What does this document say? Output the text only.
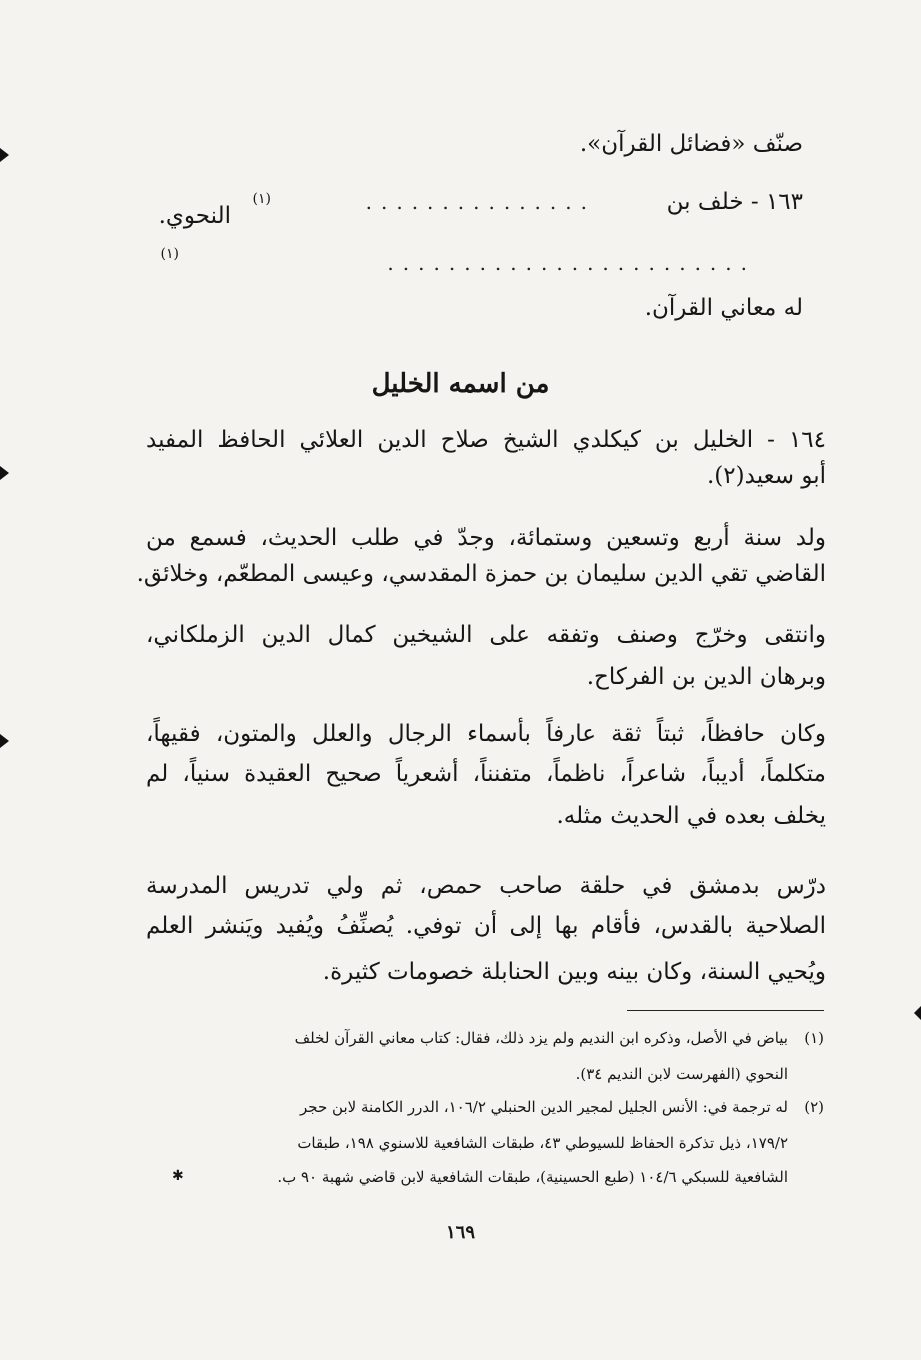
صنّف «فضائل القرآن».
١٦٣ - خلف بن
...............
(١)
النحوي.
........................
(١)
له معاني القرآن.
من اسمه الخليل
١٦٤ - الخليل بن كيكلدي الشيخ صلاح الدين العلائي الحافظ المفيد
أبو سعيد(٢).
ولد سنة أربع وتسعين وستمائة، وجدّ في طلب الحديث، فسمع من
القاضي تقي الدين سليمان بن حمزة المقدسي، وعيسى المطعّم، وخلائق.
وانتقى وخرّج وصنف وتفقه على الشيخين كمال الدين الزملكاني،
وبرهان الدين بن الفركاح.
وكان حافظاً، ثبتاً ثقة عارفاً بأسماء الرجال والعلل والمتون، فقيهاً،
متكلماً، أديباً، شاعراً، ناظماً، متفنناً، أشعرياً صحيح العقيدة سنياً، لم
يخلف بعده في الحديث مثله.
درّس بدمشق في حلقة صاحب حمص، ثم ولي تدريس المدرسة
الصلاحية بالقدس، فأقام بها إلى أن توفي. يُصنِّفُ ويُفيد ويَنشر العلم
ويُحيي السنة، وكان بينه وبين الحنابلة خصومات كثيرة.
(١)
بياض في الأصل، وذكره ابن النديم ولم يزد ذلك، فقال: كتاب معاني القرآن لخلف
النحوي (الفهرست لابن النديم ٣٤).
(٢)
له ترجمة في: الأنس الجليل لمجير الدين الحنبلي ١٠٦/٢، الدرر الكامنة لابن حجر
١٧٩/٢، ذيل تذكرة الحفاظ للسيوطي ٤٣، طبقات الشافعية للاسنوي ١٩٨، طبقات
الشافعية للسبكي ١٠٤/٦ (طبع الحسينية)، طبقات الشافعية لابن قاضي شهبة ٩٠ ب.
✱
١٦٩
